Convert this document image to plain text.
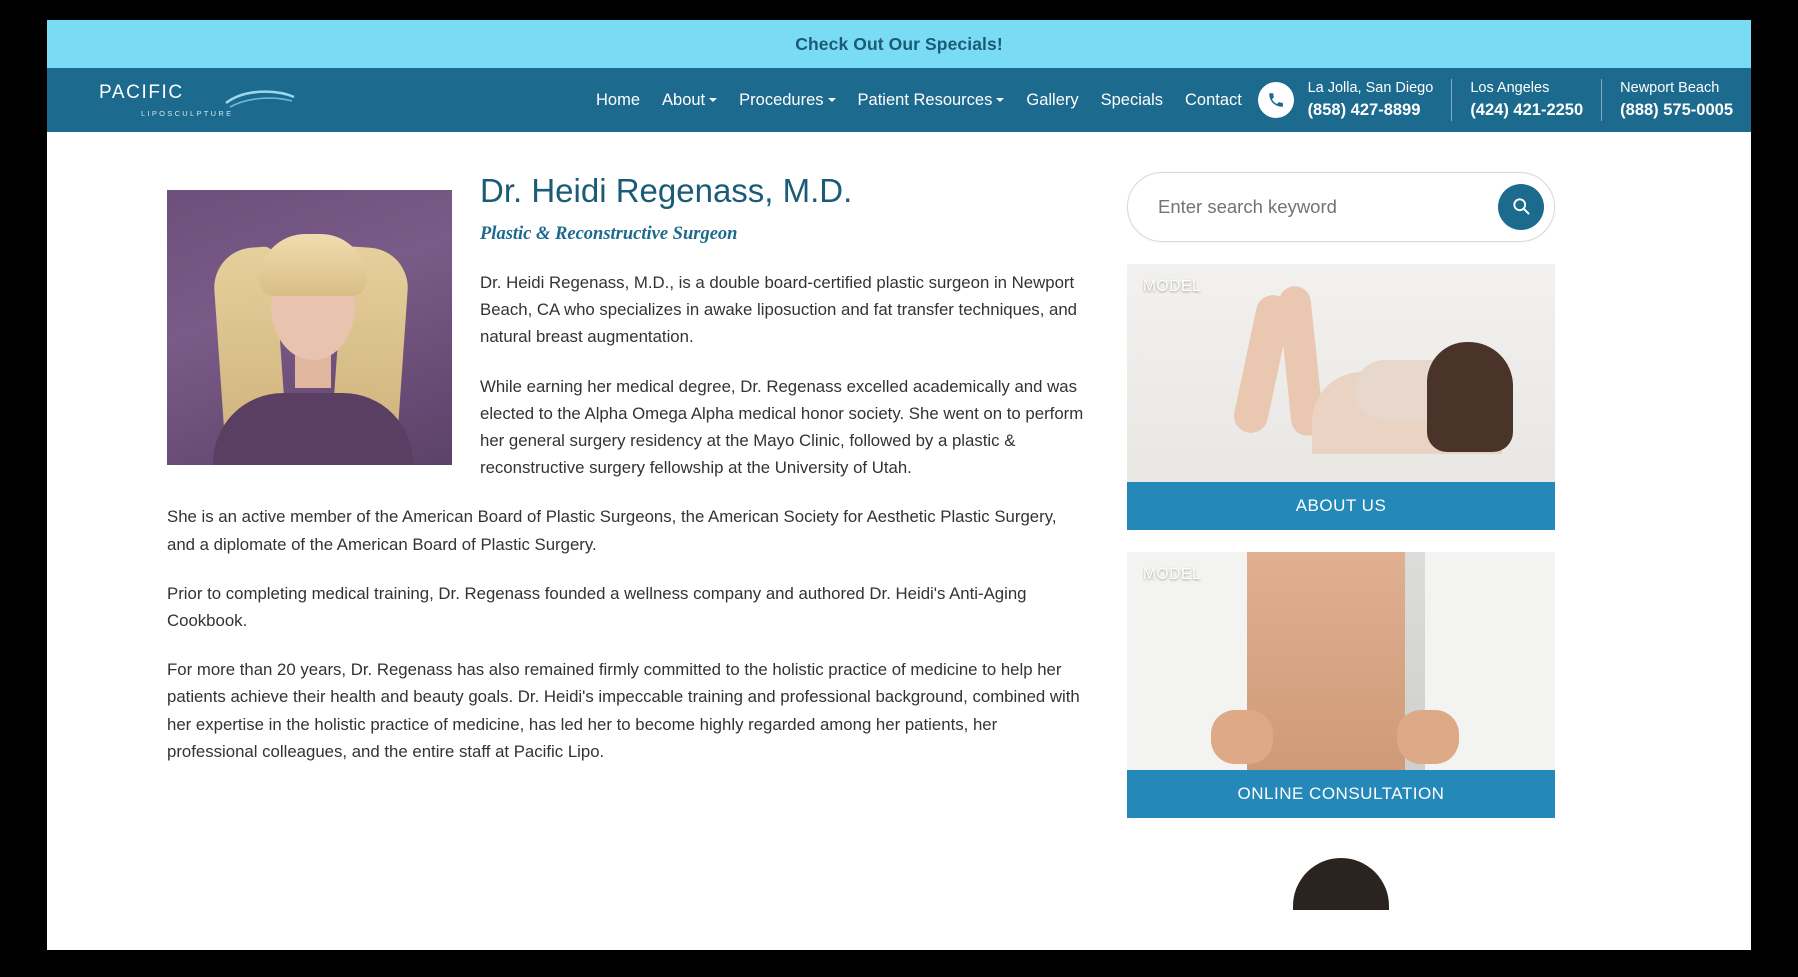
Check Out Our Specials!
PACIFIC
LIPOSCULPTURE
Home About	Procedures	Patient Resources	Gallery Specials Contact
La Jolla, San Diego
(858) 427-8899
Los Angeles
(424) 421-2250
Newport Beach
(888) 575-0005
Dr. Heidi Regenass, M.D.
Plastic & Reconstructive Surgeon

Dr. Heidi Regenass, M.D., is a double board-certified plastic surgeon in Newport Beach, CA who specializes in awake liposuction and fat transfer techniques, and natural breast augmentation.

While earning her medical degree, Dr. Regenass excelled academically and was elected to the Alpha Omega Alpha medical honor society. She went on to perform her general surgery residency at the Mayo Clinic, followed by a plastic & reconstructive surgery fellowship at the University of Utah.

She is an active member of the American Board of Plastic Surgeons, the American Society for Aesthetic Plastic Surgery, and a diplomate of the American Board of Plastic Surgery.

Prior to completing medical training, Dr. Regenass founded a wellness company and authored Dr. Heidi's Anti-Aging Cookbook.

For more than 20 years, Dr. Regenass has also remained firmly committed to the holistic practice of medicine to help her patients achieve their health and beauty goals. Dr. Heidi's impeccable training and professional background, combined with her expertise in the holistic practice of medicine, has led her to become highly regarded among her patients, her professional colleagues, and the entire staff at Pacific Lipo.

Enter search keyword
MODEL
ABOUT US
MODEL
ONLINE CONSULTATION
